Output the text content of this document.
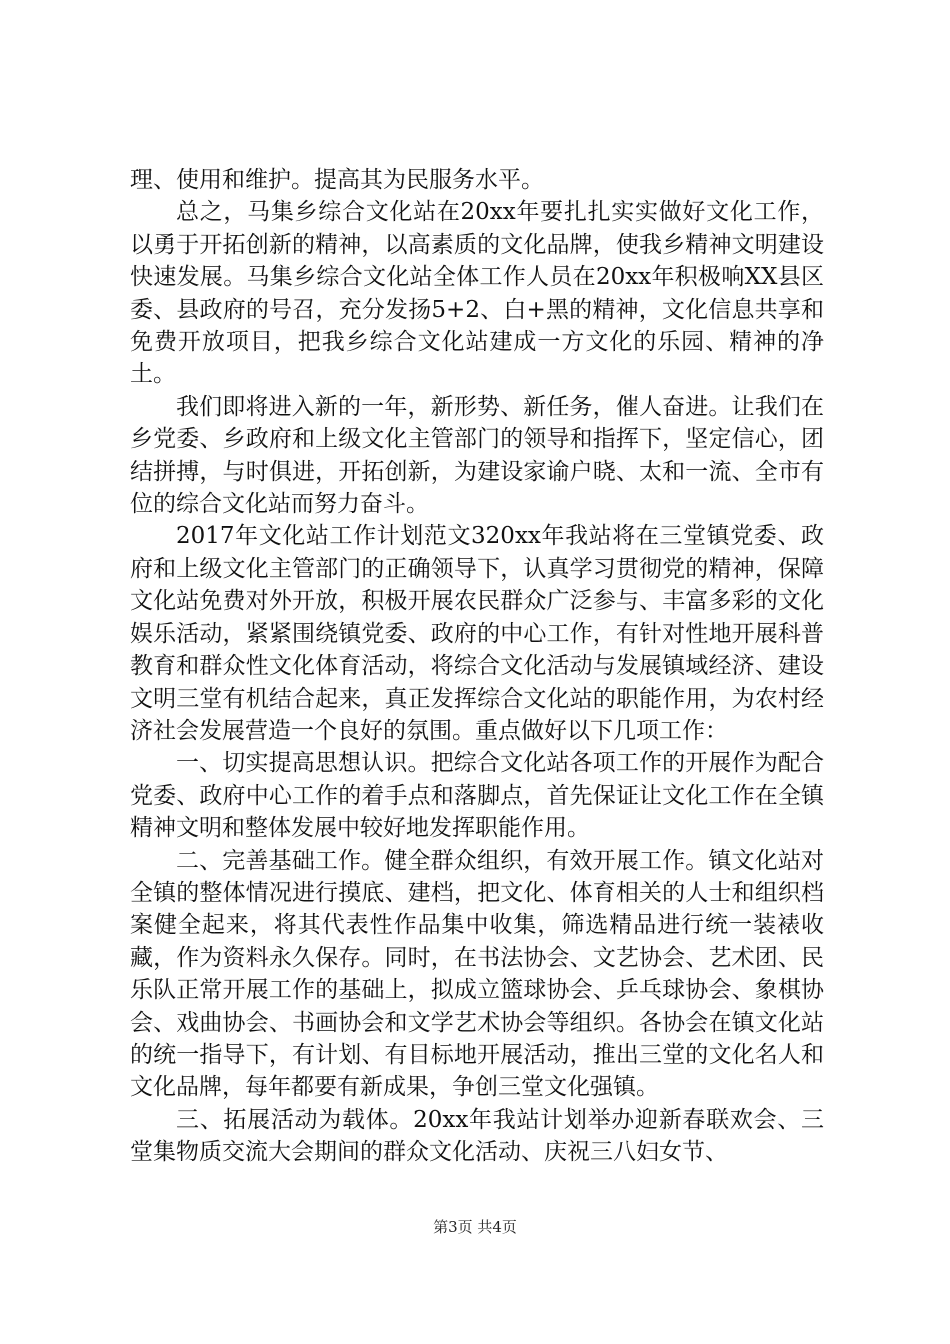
理、使用和维护。提高其为民服务水平。

总之，马集乡综合文化站在20xx年要扎扎实实做好文化工作，以勇于开拓创新的精神，以高素质的文化品牌，使我乡精神文明建设快速发展。马集乡综合文化站全体工作人员在20xx年积极响XX县区委、县政府的号召，充分发扬5+2、白+黑的精神，文化信息共享和免费开放项目，把我乡综合文化站建成一方文化的乐园、精神的净土。

我们即将进入新的一年，新形势、新任务，催人奋进。让我们在乡党委、乡政府和上级文化主管部门的领导和指挥下，坚定信心，团结拼搏，与时俱进，开拓创新，为建设家谕户晓、太和一流、全市有位的综合文化站而努力奋斗。

2017年文化站工作计划范文320xx年我站将在三堂镇党委、政府和上级文化主管部门的正确领导下，认真学习贯彻党的精神，保障文化站免费对外开放，积极开展农民群众广泛参与、丰富多彩的文化娱乐活动，紧紧围绕镇党委、政府的中心工作，有针对性地开展科普教育和群众性文化体育活动，将综合文化活动与发展镇域经济、建设文明三堂有机结合起来，真正发挥综合文化站的职能作用，为农村经济社会发展营造一个良好的氛围。重点做好以下几项工作：

一、切实提高思想认识。把综合文化站各项工作的开展作为配合党委、政府中心工作的着手点和落脚点，首先保证让文化工作在全镇精神文明和整体发展中较好地发挥职能作用。

二、完善基础工作。健全群众组织，有效开展工作。镇文化站对全镇的整体情况进行摸底、建档，把文化、体育相关的人士和组织档案健全起来，将其代表性作品集中收集，筛选精品进行统一装裱收藏，作为资料永久保存。同时，在书法协会、文艺协会、艺术团、民乐队正常开展工作的基础上，拟成立篮球协会、乒乓球协会、象棋协会、戏曲协会、书画协会和文学艺术协会等组织。各协会在镇文化站的统一指导下，有计划、有目标地开展活动，推出三堂的文化名人和文化品牌，每年都要有新成果，争创三堂文化强镇。

三、拓展活动为载体。20xx年我站计划举办迎新春联欢会、三堂集物质交流大会期间的群众文化活动、庆祝三八妇女节、

第3页 共4页
